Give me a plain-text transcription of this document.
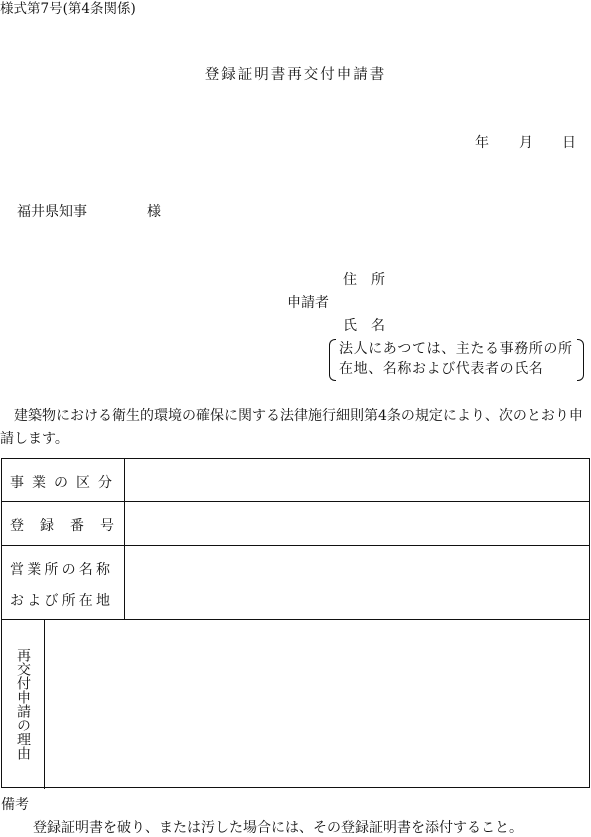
様式第7号(第4条関係)
登録証明書再交付申請書
年 月 日
福井県知事	様
住所
申請者
氏名
法人にあつては、主たる事務所の所
在地、名称および代表者の氏名
建築物における衛生的環境の確保に関する法律施行細則第4条の規定により、次のとおり申請します。
事業の区分
登録番号
営業所の名称
および所在地
再交付申請の理由
備考
登録証明書を破り、または汚した場合には、その登録証明書を添付すること。
